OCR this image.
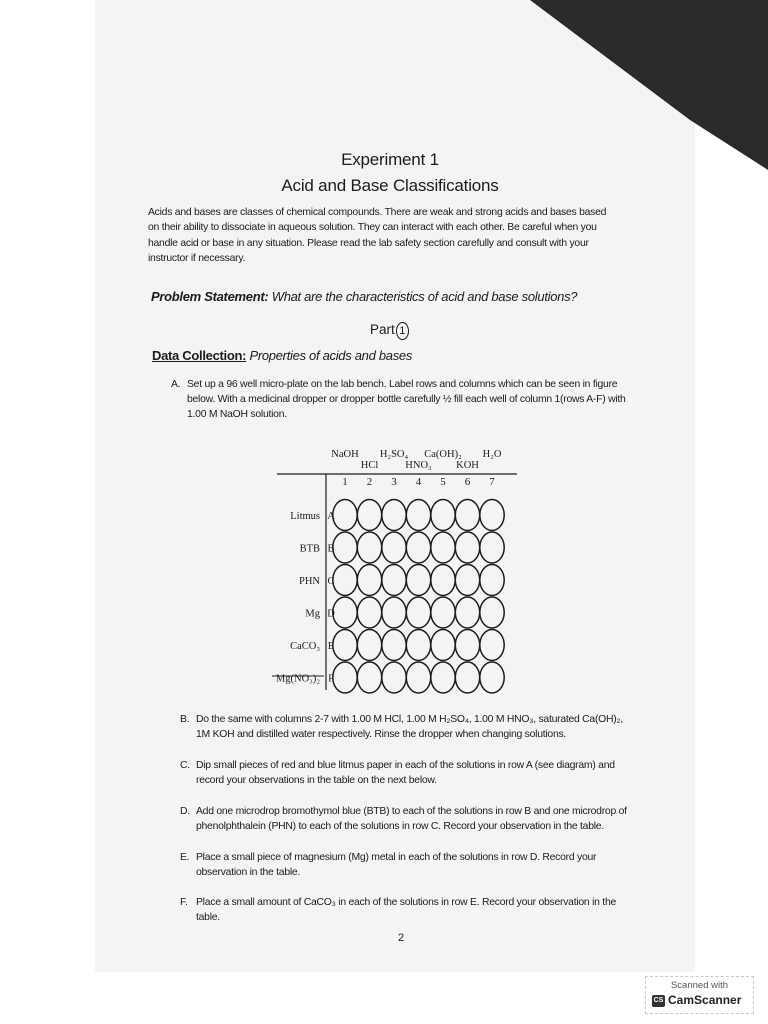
Experiment 1
Acid and Base Classifications
Acids and bases are classes of chemical compounds. There are weak and strong acids and bases based on their ability to dissociate in aqueous solution. They can interact with each other. Be careful when you handle acid or base in any situation. Please read the lab safety section carefully and consult with your instructor if necessary.
Problem Statement: What are the characteristics of acid and base solutions?
Part 1
Data Collection: Properties of acids and bases
A. Set up a 96 well micro-plate on the lab bench. Label rows and columns which can be seen in figure below. With a medicinal dropper or dropper bottle carefully ½ fill each well of column 1(rows A-F) with 1.00 M NaOH solution.
NaOH H₂SO₄ Ca(OH)₂ H₂O
HCl	HNO₃ KOH
1 2 3 4 5 6 7
Litmus
BTB
PHN
Mg
CaCO₃
Mg(NO₃)₂
A
B
C
D
E
F
B. Do the same with columns 2-7 with 1.00 M HCl, 1.00 M H₂SO₄, 1.00 M HNO₃, saturated Ca(OH)₂, 1M KOH and distilled water respectively. Rinse the dropper when changing solutions.
C. Dip small pieces of red and blue litmus paper in each of the solutions in row A (see diagram) and record your observations in the table on the next below.
D. Add one microdrop bromothymol blue (BTB) to each of the solutions in row B and one microdrop of phenolphthalein (PHN) to each of the solutions in row C. Record your observation in the table.
E. Place a small piece of magnesium (Mg) metal in each of the solutions in row D. Record your observation in the table.
F. Place a small amount of CaCO₃ in each of the solutions in row E. Record your observation in the table.
2
Scanned with
CS CamScanner
